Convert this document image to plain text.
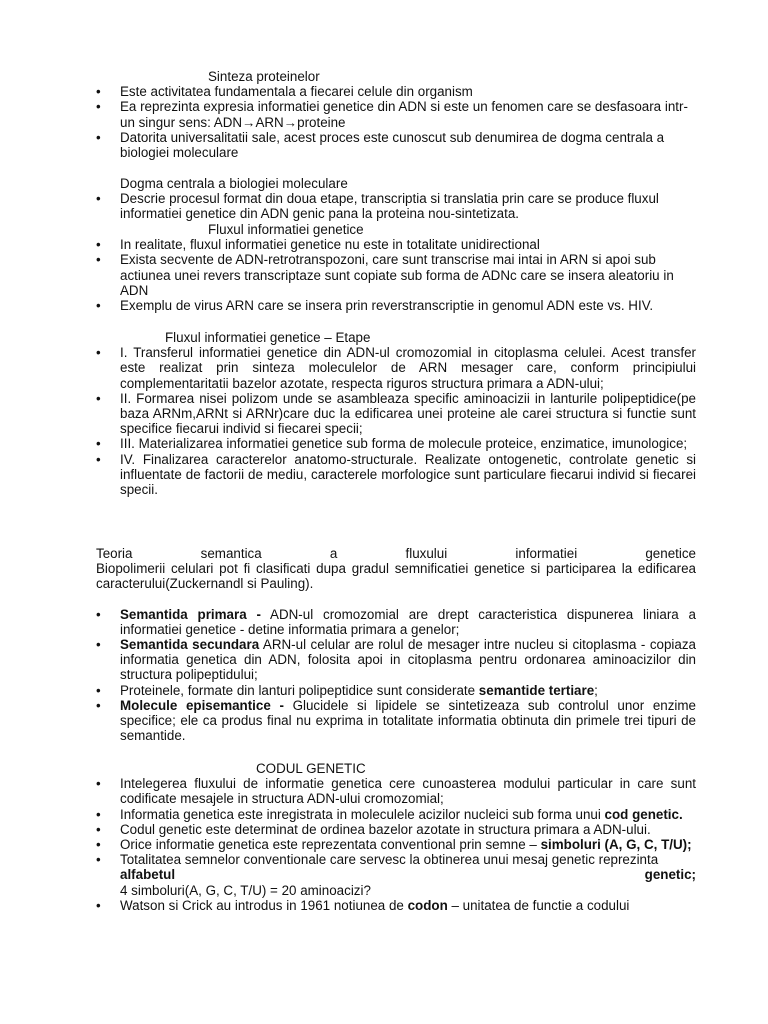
Sinteza proteinelor
• Este activitatea fundamentala a fiecarei celule din organism
• Ea reprezinta expresia informatiei genetice din ADN si este un fenomen care se desfasoara intr-un singur sens: ADN→ARN→proteine
• Datorita universalitatii sale, acest proces este cunoscut sub denumirea de dogma centrala a biologiei moleculare
Dogma centrala a biologiei moleculare
• Descrie procesul format din doua etape, transcriptia si translatia prin care se produce fluxul informatiei genetice din ADN genic pana la proteina nou-sintetizata.
Fluxul informatiei genetice
• In realitate, fluxul informatiei genetice nu este in totalitate unidirectional
• Exista secvente de ADN-retrotranspozoni, care sunt transcrise mai intai in ARN si apoi sub actiunea unei revers transcriptaze sunt copiate sub forma de ADNc care se insera aleatoriu in ADN
• Exemplu de virus ARN care se insera prin reverstranscriptie in genomul ADN este vs. HIV.
Fluxul informatiei genetice – Etape
• I. Transferul informatiei genetice din ADN-ul cromozomial in citoplasma celulei. Acest transfer este realizat prin sinteza moleculelor de ARN mesager care, conform principiului complementaritatii bazelor azotate, respecta riguros structura primara a ADN-ului;
• II. Formarea nisei polizom unde se asambleaza specific aminoacizii in lanturile polipeptidice(pe baza ARNm,ARNt si ARNr)care duc la edificarea unei proteine ale carei structura si functie sunt specifice fiecarui individ si fiecarei specii;
• III. Materializarea informatiei genetice sub forma de molecule proteice, enzimatice, imunologice;
• IV. Finalizarea caracterelor anatomo-structurale. Realizate ontogenetic, controlate genetic si influentate de factorii de mediu, caracterele morfologice sunt particulare fiecarui individ si fiecarei specii.
Teoria semantica a fluxului informatiei genetice
Biopolimerii celulari pot fi clasificati dupa gradul semnificatiei genetice si participarea la edificarea caracterului(Zuckernandl si Pauling).
• Semantida primara - ADN-ul cromozomial are drept caracteristica dispunerea liniara a informatiei genetice - detine informatia primara a genelor;
• Semantida secundara ARN-ul celular are rolul de mesager intre nucleu si citoplasma - copiaza informatia genetica din ADN, folosita apoi in citoplasma pentru ordonarea aminoacizilor din structura polipeptidului;
• Proteinele, formate din lanturi polipeptidice sunt considerate semantide tertiare;
• Molecule episemantice - Glucidele si lipidele se sintetizeaza sub controlul unor enzime specifice; ele ca produs final nu exprima in totalitate informatia obtinuta din primele trei tipuri de semantide.
CODUL GENETIC
• Intelegerea fluxului de informatie genetica cere cunoasterea modului particular in care sunt codificate mesajele in structura ADN-ului cromozomial;
• Informatia genetica este inregistrata in moleculele acizilor nucleici sub forma unui cod genetic.
• Codul genetic este determinat de ordinea bazelor azotate in structura primara a ADN-ului.
• Orice informatie genetica este reprezentata conventional prin semne – simboluri (A, G, C, T/U);
• Totalitatea semnelor conventionale care servesc la obtinerea unui mesaj genetic reprezinta
alfabetul	genetic;
4 simboluri(A, G, C, T/U) = 20 aminoacizi?
• Watson si Crick au introdus in 1961 notiunea de codon – unitatea de functie a codului
